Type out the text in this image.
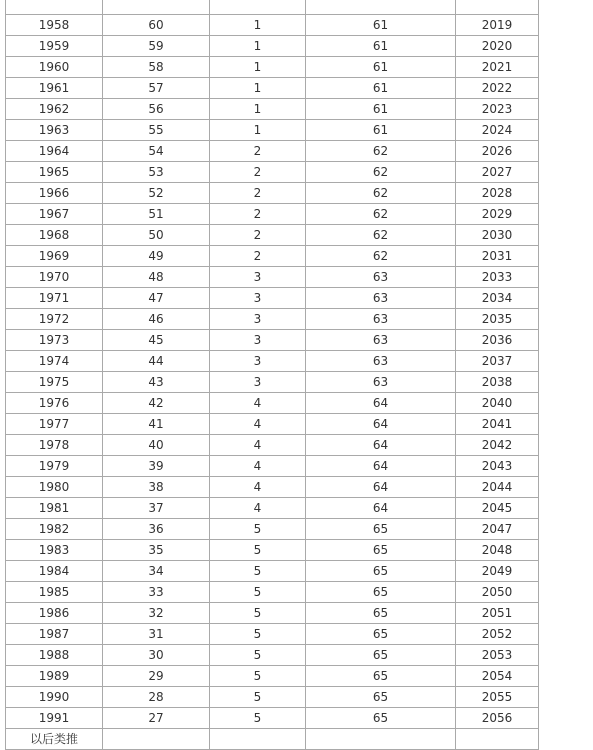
1958	60	1	61	2019
1959	59	1	61	2020
1960	58	1	61	2021
1961	57	1	61	2022
1962	56	1	61	2023
1963	55	1	61	2024
1964	54	2	62	2026
1965	53	2	62	2027
1966	52	2	62	2028
1967	51	2	62	2029
1968	50	2	62	2030
1969	49	2	62	2031
1970	48	3	63	2033
1971	47	3	63	2034
1972	46	3	63	2035
1973	45	3	63	2036
1974	44	3	63	2037
1975	43	3	63	2038
1976	42	4	64	2040
1977	41	4	64	2041
1978	40	4	64	2042
1979	39	4	64	2043
1980	38	4	64	2044
1981	37	4	64	2045
1982	36	5	65	2047
1983	35	5	65	2048
1984	34	5	65	2049
1985	33	5	65	2050
1986	32	5	65	2051
1987	31	5	65	2052
1988	30	5	65	2053
1989	29	5	65	2054
1990	28	5	65	2055
1991	27	5	65	2056
以后类推				
